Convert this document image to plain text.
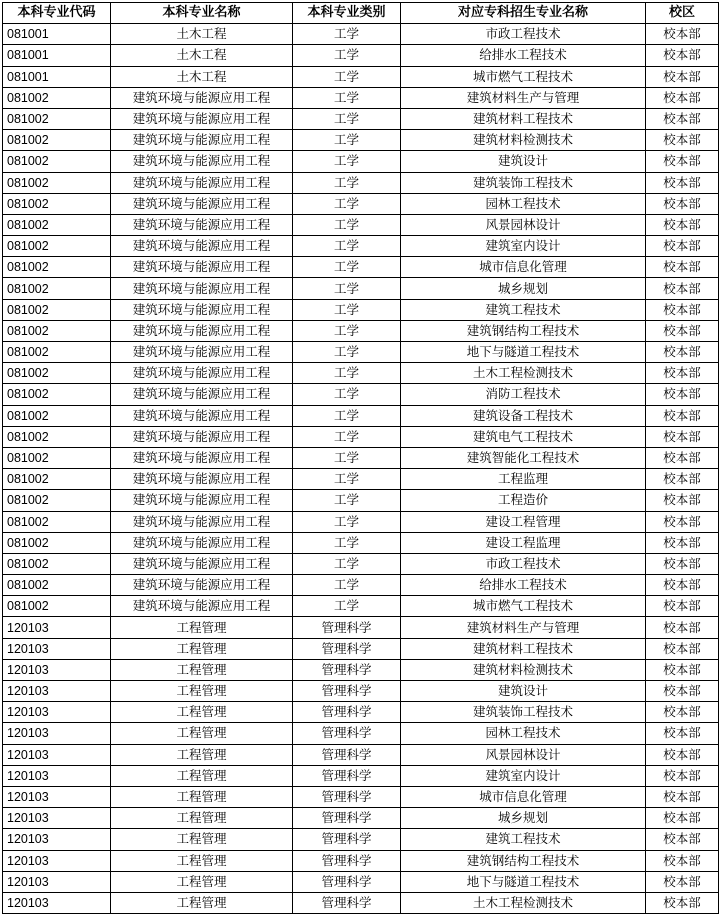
本科专业代码	本科专业名称	本科专业类别	对应专科招生专业名称	校区
081001	土木工程	工学	市政工程技术	校本部
081001	土木工程	工学	给排水工程技术	校本部
081001	土木工程	工学	城市燃气工程技术	校本部
081002	建筑环境与能源应用工程	工学	建筑材料生产与管理	校本部
081002	建筑环境与能源应用工程	工学	建筑材料工程技术	校本部
081002	建筑环境与能源应用工程	工学	建筑材料检测技术	校本部
081002	建筑环境与能源应用工程	工学	建筑设计	校本部
081002	建筑环境与能源应用工程	工学	建筑装饰工程技术	校本部
081002	建筑环境与能源应用工程	工学	园林工程技术	校本部
081002	建筑环境与能源应用工程	工学	风景园林设计	校本部
081002	建筑环境与能源应用工程	工学	建筑室内设计	校本部
081002	建筑环境与能源应用工程	工学	城市信息化管理	校本部
081002	建筑环境与能源应用工程	工学	城乡规划	校本部
081002	建筑环境与能源应用工程	工学	建筑工程技术	校本部
081002	建筑环境与能源应用工程	工学	建筑钢结构工程技术	校本部
081002	建筑环境与能源应用工程	工学	地下与隧道工程技术	校本部
081002	建筑环境与能源应用工程	工学	土木工程检测技术	校本部
081002	建筑环境与能源应用工程	工学	消防工程技术	校本部
081002	建筑环境与能源应用工程	工学	建筑设备工程技术	校本部
081002	建筑环境与能源应用工程	工学	建筑电气工程技术	校本部
081002	建筑环境与能源应用工程	工学	建筑智能化工程技术	校本部
081002	建筑环境与能源应用工程	工学	工程监理	校本部
081002	建筑环境与能源应用工程	工学	工程造价	校本部
081002	建筑环境与能源应用工程	工学	建设工程管理	校本部
081002	建筑环境与能源应用工程	工学	建设工程监理	校本部
081002	建筑环境与能源应用工程	工学	市政工程技术	校本部
081002	建筑环境与能源应用工程	工学	给排水工程技术	校本部
081002	建筑环境与能源应用工程	工学	城市燃气工程技术	校本部
120103	工程管理	管理科学	建筑材料生产与管理	校本部
120103	工程管理	管理科学	建筑材料工程技术	校本部
120103	工程管理	管理科学	建筑材料检测技术	校本部
120103	工程管理	管理科学	建筑设计	校本部
120103	工程管理	管理科学	建筑装饰工程技术	校本部
120103	工程管理	管理科学	园林工程技术	校本部
120103	工程管理	管理科学	风景园林设计	校本部
120103	工程管理	管理科学	建筑室内设计	校本部
120103	工程管理	管理科学	城市信息化管理	校本部
120103	工程管理	管理科学	城乡规划	校本部
120103	工程管理	管理科学	建筑工程技术	校本部
120103	工程管理	管理科学	建筑钢结构工程技术	校本部
120103	工程管理	管理科学	地下与隧道工程技术	校本部
120103	工程管理	管理科学	土木工程检测技术	校本部
